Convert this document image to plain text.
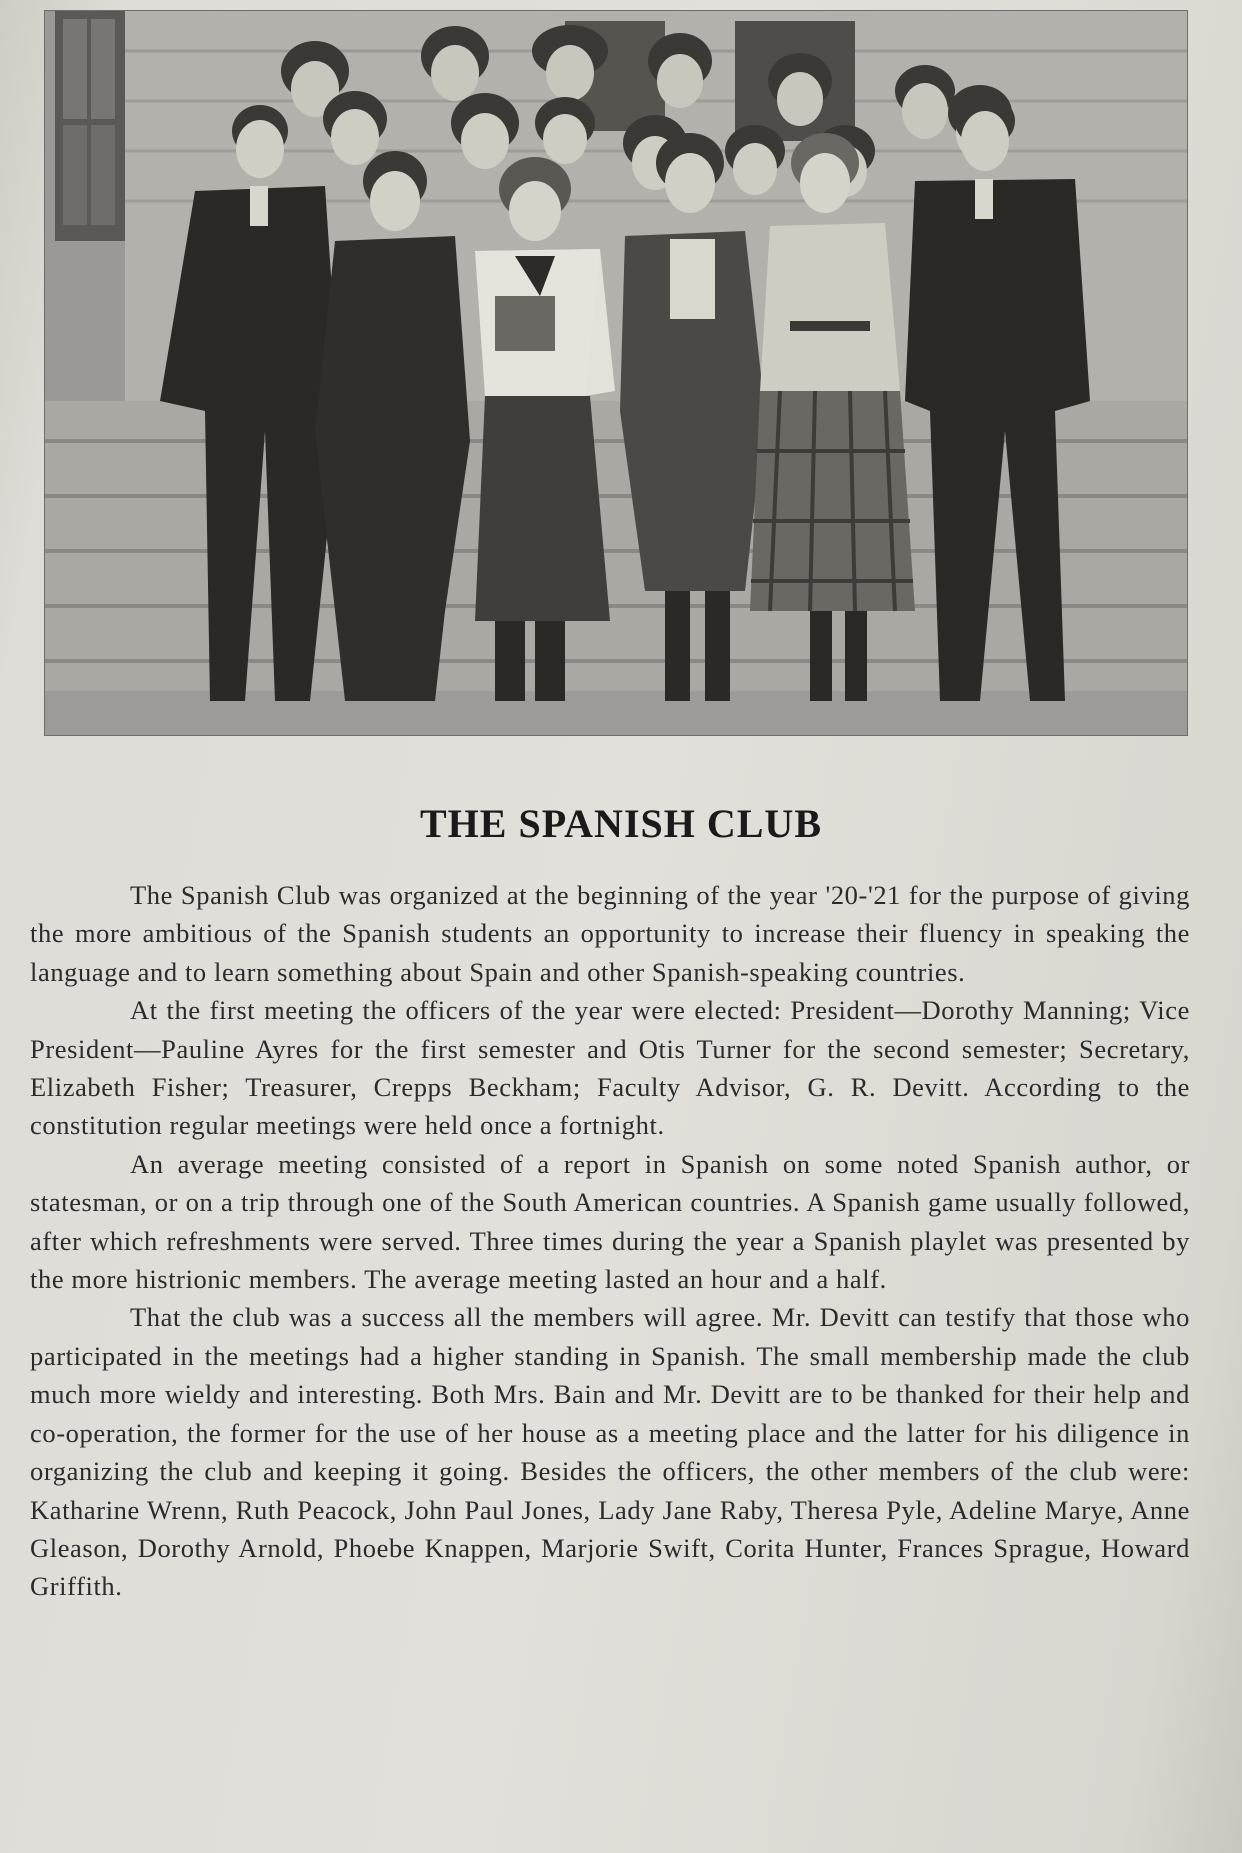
THE SPANISH CLUB

The Spanish Club was organized at the beginning of the year '20-'21 for the purpose of giving the more ambitious of the Spanish students an opportunity to increase their fluency in speaking the language and to learn something about Spain and other Spanish-speaking countries.

At the first meeting the officers of the year were elected: President—Dorothy Manning; Vice President—Pauline Ayres for the first semester and Otis Turner for the second semester; Secretary, Elizabeth Fisher; Treasurer, Crepps Beckham; Faculty Advisor, G. R. Devitt. According to the constitution regular meetings were held once a fortnight.

An average meeting consisted of a report in Spanish on some noted Spanish author, or statesman, or on a trip through one of the South American countries. A Spanish game usually followed, after which refreshments were served. Three times during the year a Spanish playlet was presented by the more histrionic members. The average meeting lasted an hour and a half.

That the club was a success all the members will agree. Mr. Devitt can testify that those who participated in the meetings had a higher standing in Spanish. The small membership made the club much more wieldy and interesting. Both Mrs. Bain and Mr. Devitt are to be thanked for their help and co-operation, the former for the use of her house as a meeting place and the latter for his diligence in organizing the club and keeping it going. Besides the officers, the other members of the club were: Katharine Wrenn, Ruth Peacock, John Paul Jones, Lady Jane Raby, Theresa Pyle, Adeline Marye, Anne Gleason, Dorothy Arnold, Phoebe Knappen, Marjorie Swift, Corita Hunter, Frances Sprague, Howard Griffith.
